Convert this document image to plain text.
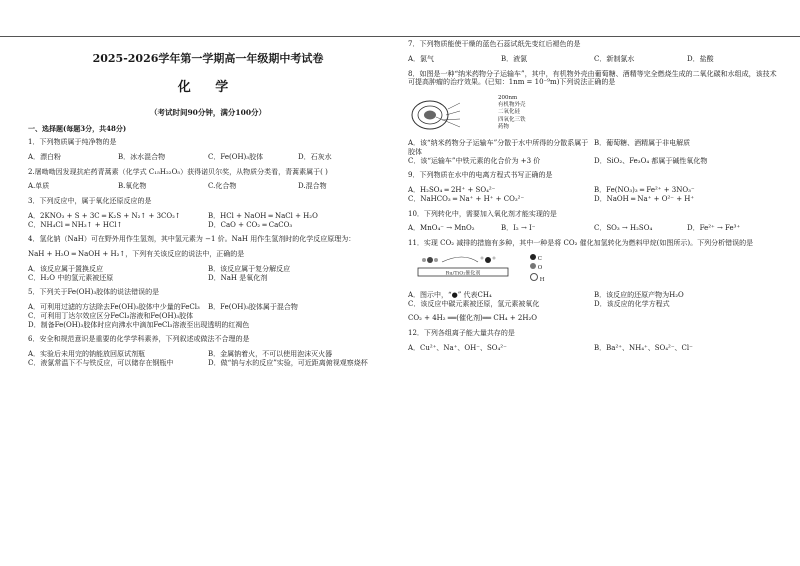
2025-2026学年第一学期高一年级期中考试卷
化 学
（考试时间90分钟，满分100分）
一、选择题(每题3分，共48分)
1．下列物质属于纯净物的是
A．漂白粉	B．冰水混合物	C．Fe(OH)₃胶体	D．石灰水
2.屠呦呦因发现抗疟药青蒿素（化学式 C₁₅H₂₂O₅）获得诺贝尔奖，从物质分类看，青蒿素属于( )
A.单质	B.氧化物	C.化合物	D.混合物
3．下列反应中，属于氧化还原反应的是
A．2KNO₃ + S + 3C ═ K₂S + N₂↑ + 3CO₂↑	B．HCl + NaOH ═ NaCl + H₂O
C．NH₄Cl ═ NH₃↑ + HCl↑	D．CaO + CO₂ ═ CaCO₃
4．氢化钠（NaH）可在野外用作生氢剂，其中氢元素为 −1 价。NaH 用作生氢剂时的化学反应原理为：
NaH + H₂O ═ NaOH + H₂↑，下列有关该反应的说法中，正确的是
A．该反应属于置换反应	B．该反应属于复分解反应
C．H₂O 中的氢元素被还原	D．NaH 是氧化剂
5．下列关于Fe(OH)₃胶体的说法错误的是
A．可利用过滤的方法除去Fe(OH)₃胶体中少量的FeCl₃	B．Fe(OH)₃胶体属于混合物
C．可利用丁达尔效应区分FeCl₃溶液和Fe(OH)₃胶体
D．制备Fe(OH)₃胶体时应向沸水中滴加FeCl₃溶液至出现透明的红褐色
6．安全和规范意识是重要的化学学科素养，下列叙述或做法不合理的是
A．实验后未用完的钠能放回原试剂瓶	B．金属钠着火，不可以使用泡沫灭火器
C．液氯常温下不与铁反应，可以储存在钢瓶中	D．做“钠与水的反应”实验，可近距离俯视观察烧杯
7．下列物质能使干燥的蓝色石蕊试纸先变红后褪色的是
A．氯气	B．液氯	C．新制氯水	D．盐酸
8．如图是一种“纳米药物分子运输车”，其中，有机物外壳由葡萄糖、酒精等完全燃烧生成的二氧化碳和水组成，该技术可提高肿瘤的治疗效果。(已知：1nm = 10⁻⁹m)下列说法正确的是
200nm
有机物外壳
二氧化硅
四氧化三铁
药物
A．该“纳米药物分子运输车”分散于水中所得的分散系属于胶体
B．葡萄糖、酒精属于非电解质
C．该“运输车”中铁元素的化合价为 +3 价	D．SiO₂、Fe₃O₄ 都属于碱性氧化物
9．下列物质在水中的电离方程式书写正确的是
A．H₂SO₄ ═ 2H⁺ + SO₄²⁻	B．Fe(NO₃)₃ ═ Fe²⁺ + 3NO₃⁻
C．NaHCO₃ ═ Na⁺ + H⁺ + CO₃²⁻	D．NaOH ═ Na⁺ + O²⁻ + H⁺
10．下列转化中，需要加入氧化剂才能实现的是
A．MnO₄⁻ → MnO₂	B．I₂ → I⁻	C．SO₃ → H₂SO₄	D．Fe²⁺ → Fe³⁺
11．实现 CO₂ 减排的措施有多种，其中一种是将 CO₂ 催化加氢转化为燃料甲烷(如图所示)。下列分析错误的是
Ru/TiO₂催化剂
C
O
H
A．图示中，“●” 代表CH₄	B．该反应的还原产物为H₂O
C．该反应中碳元素被还原，氢元素被氧化	D．该反应的化学方程式
CO₂ + 4H₂ ══(催化剂)══ CH₄ + 2H₂O
12．下列各组离子能大量共存的是
A．Cu²⁺、Na⁺、OH⁻、SO₄²⁻	B．Ba²⁺、NH₄⁺、SO₄²⁻、Cl⁻
